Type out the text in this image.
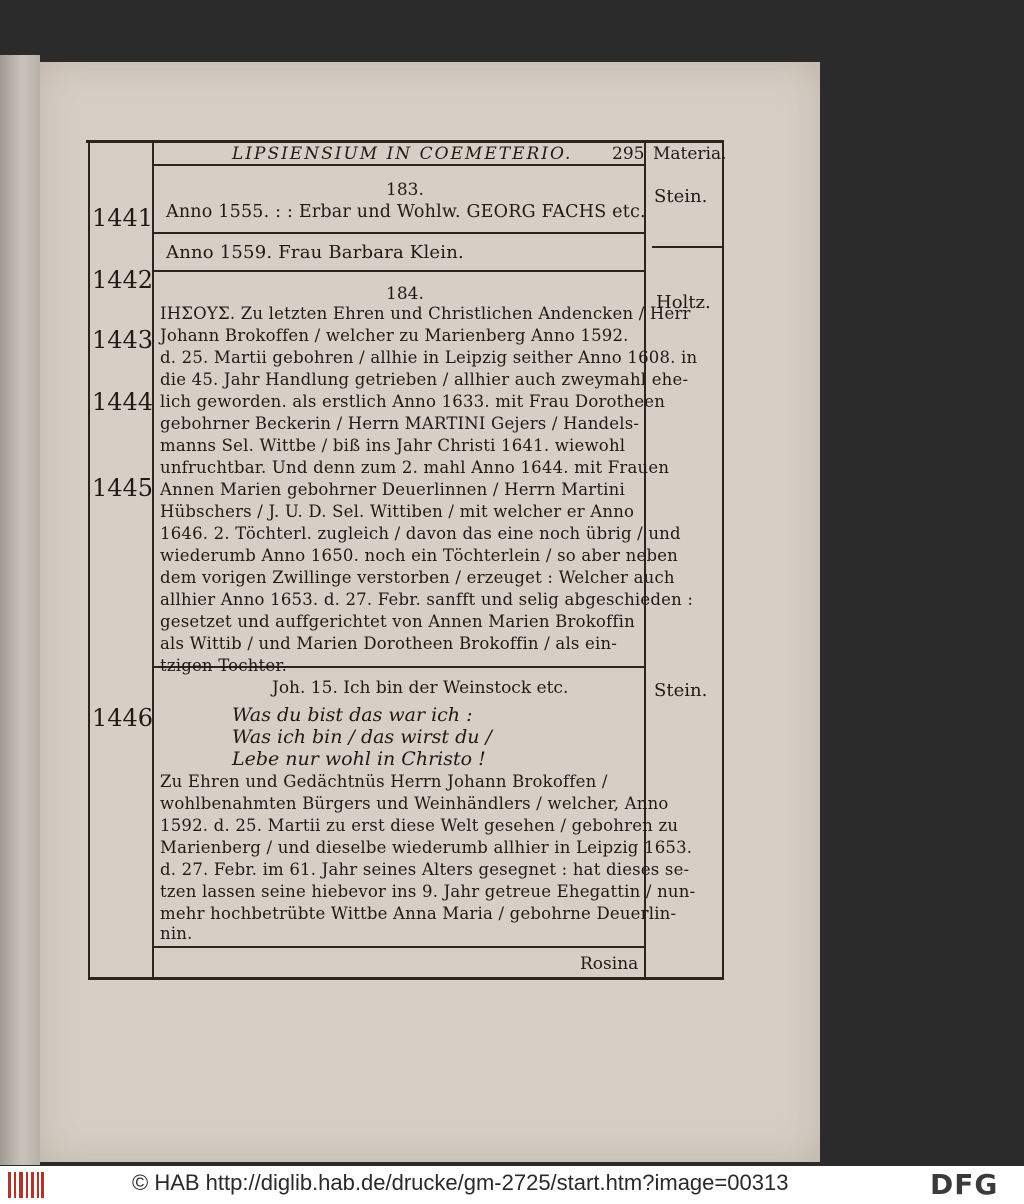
LIPSIENSIUM IN COEMETERIO. 295 Materia.
1441
1442
1443
1444
1445
1446
Stein.
Holtz.
Stein.
183.
Anno 1555. : : Erbar und Wohlw. GEORG FACHS etc.
Anno 1559. Frau Barbara Klein.
184.
IHΣOYΣ. Zu letzten Ehren und Christlichen Andencken / Herr
Johann Brokoffen / welcher zu Marienberg Anno 1592.
d. 25. Martii gebohren / allhie in Leipzig seither Anno 1608. in
die 45. Jahr Handlung getrieben / allhier auch zweymahl ehe-
lich geworden. als erstlich Anno 1633. mit Frau Dorotheen
gebohrner Beckerin / Herrn MARTINI Gejers / Handels-
manns Sel. Wittbe / biß ins Jahr Christi 1641. wiewohl
unfruchtbar. Und denn zum 2. mahl Anno 1644. mit Frauen
Annen Marien gebohrner Deuerlinnen / Herrn Martini
Hübschers / J. U. D. Sel. Wittiben / mit welcher er Anno
1646. 2. Töchterl. zugleich / davon das eine noch übrig / und
wiederumb Anno 1650. noch ein Töchterlein / so aber neben
dem vorigen Zwillinge verstorben / erzeuget : Welcher auch
allhier Anno 1653. d. 27. Febr. sanfft und selig abgeschieden :
gesetzet und auffgerichtet von Annen Marien Brokoffin
als Wittib / und Marien Dorotheen Brokoffin / als ein-
tzigen Tochter.
Joh. 15. Ich bin der Weinstock etc.
Was du bist das war ich :
Was ich bin / das wirst du /
Lebe nur wohl in Christo !
Zu Ehren und Gedächtnüs Herrn Johann Brokoffen /
wohlbenahmten Bürgers und Weinhändlers / welcher, Anno
1592. d. 25. Martii zu erst diese Welt gesehen / gebohren zu
Marienberg / und dieselbe wiederumb allhier in Leipzig 1653.
d. 27. Febr. im 61. Jahr seines Alters gesegnet : hat dieses se-
tzen lassen seine hiebevor ins 9. Jahr getreue Ehegattin / nun-
mehr hochbetrübte Wittbe Anna Maria / gebohrne Deuerlin-
nin.
Rosina
© HAB http://diglib.hab.de/drucke/gm-2725/start.htm?image=00313	DFG
